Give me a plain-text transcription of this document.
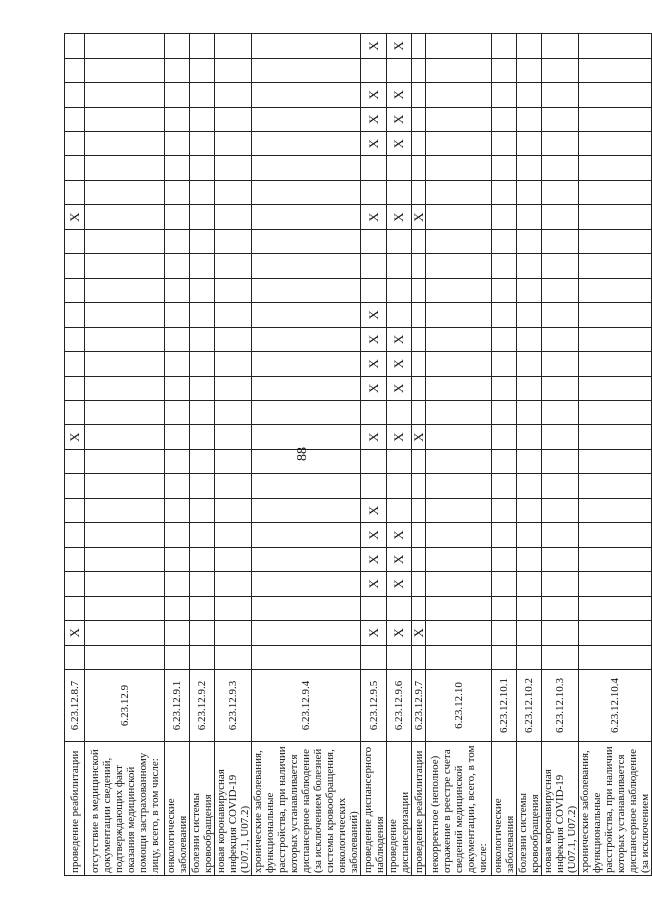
88
проведение реабилитации	6.23.12.8.7		X								X									X							
отсутствие в медицинской документации сведений, подтверждающих факт оказания медицинской помощи застрахованному лицу, всего, в том числе:	6.23.12.9																										
онкологические заболевания	6.23.12.9.1																										
болезни системы кровообращения	6.23.12.9.2																										
новая коронавирусная инфекция COVID-19 (U07.1, U07.2)	6.23.12.9.3																										
хронические заболевания, функциональные расстройства, при наличии которых устанавливается диспансерное наблюдение (за исключением болезней системы кровообращения, онкологических заболеваний)	6.23.12.9.4																										
проведение диспансерного наблюдения	6.23.12.9.5		X		X	X	X	X			X		X	X	X	X				X			X	X	X		X
проведение диспансеризации	6.23.12.9.6		X		X	X	X				X		X	X	X					X			X	X	X		X
проведение реабилитации	6.23.12.9.7		X								X									X							
некорректное (неполное) отражение в реестре счета сведений медицинской документации, всего, в том числе:	6.23.12.10																										
онкологические заболевания	6.23.12.10.1																										
болезни системы кровообращения	6.23.12.10.2																										
новая коронавирусная инфекция COVID-19 (U07.1, U07.2)	6.23.12.10.3																										
хронические заболевания, функциональные расстройства, при наличии которых устанавливается диспансерное наблюдение (за исключением	6.23.12.10.4																										
